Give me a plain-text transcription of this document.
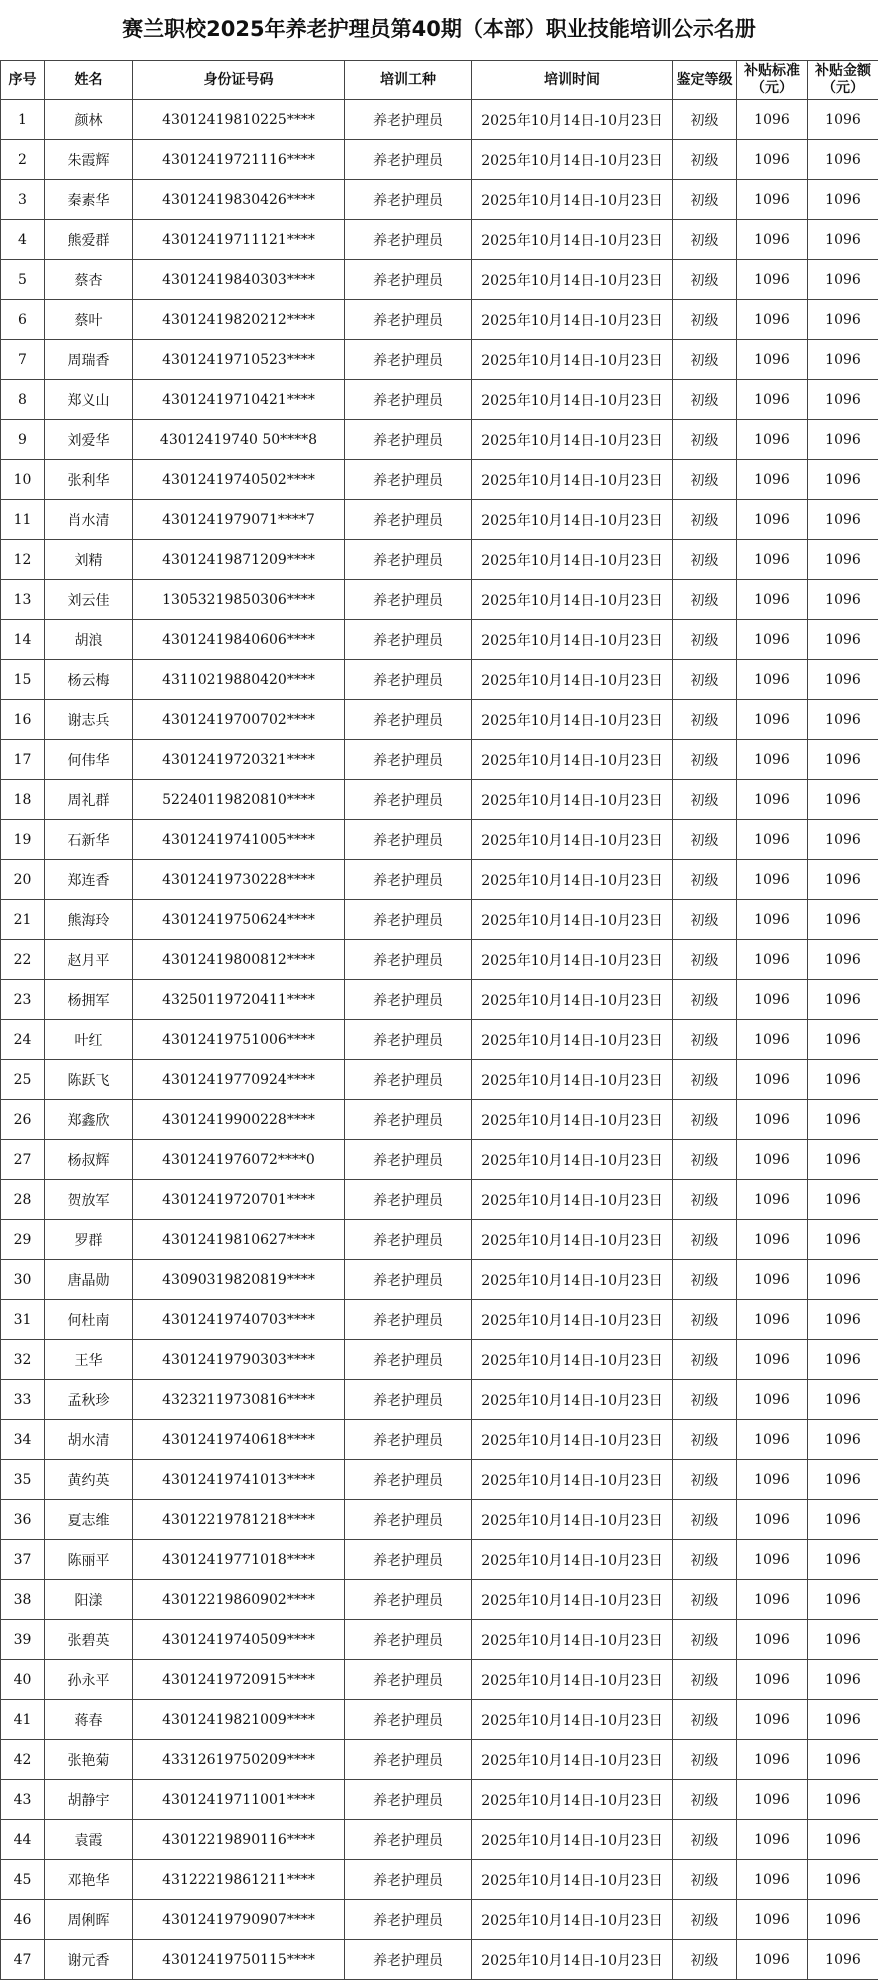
赛兰职校2025年养老护理员第40期（本部）职业技能培训公示名册
序号	姓名	身份证号码	培训工种	培训时间	鉴定等级	补贴标准（元）	补贴金额（元）
1	颜林	43012419810225****	养老护理员	2025年10月14日-10月23日	初级	1096	1096
2	朱霞辉	43012419721116****	养老护理员	2025年10月14日-10月23日	初级	1096	1096
3	秦素华	43012419830426****	养老护理员	2025年10月14日-10月23日	初级	1096	1096
4	熊爱群	43012419711121****	养老护理员	2025年10月14日-10月23日	初级	1096	1096
5	蔡杏	43012419840303****	养老护理员	2025年10月14日-10月23日	初级	1096	1096
6	蔡叶	43012419820212****	养老护理员	2025年10月14日-10月23日	初级	1096	1096
7	周瑞香	43012419710523****	养老护理员	2025年10月14日-10月23日	初级	1096	1096
8	郑义山	43012419710421****	养老护理员	2025年10月14日-10月23日	初级	1096	1096
9	刘爱华	43012419740 50****8	养老护理员	2025年10月14日-10月23日	初级	1096	1096
10	张利华	43012419740502****	养老护理员	2025年10月14日-10月23日	初级	1096	1096
11	肖水清	4301241979071****7	养老护理员	2025年10月14日-10月23日	初级	1096	1096
12	刘精	43012419871209****	养老护理员	2025年10月14日-10月23日	初级	1096	1096
13	刘云佳	13053219850306****	养老护理员	2025年10月14日-10月23日	初级	1096	1096
14	胡浪	43012419840606****	养老护理员	2025年10月14日-10月23日	初级	1096	1096
15	杨云梅	43110219880420****	养老护理员	2025年10月14日-10月23日	初级	1096	1096
16	谢志兵	43012419700702****	养老护理员	2025年10月14日-10月23日	初级	1096	1096
17	何伟华	43012419720321****	养老护理员	2025年10月14日-10月23日	初级	1096	1096
18	周礼群	52240119820810****	养老护理员	2025年10月14日-10月23日	初级	1096	1096
19	石新华	43012419741005****	养老护理员	2025年10月14日-10月23日	初级	1096	1096
20	郑连香	43012419730228****	养老护理员	2025年10月14日-10月23日	初级	1096	1096
21	熊海玲	43012419750624****	养老护理员	2025年10月14日-10月23日	初级	1096	1096
22	赵月平	43012419800812****	养老护理员	2025年10月14日-10月23日	初级	1096	1096
23	杨拥军	43250119720411****	养老护理员	2025年10月14日-10月23日	初级	1096	1096
24	叶红	43012419751006****	养老护理员	2025年10月14日-10月23日	初级	1096	1096
25	陈跃飞	43012419770924****	养老护理员	2025年10月14日-10月23日	初级	1096	1096
26	郑鑫欣	43012419900228****	养老护理员	2025年10月14日-10月23日	初级	1096	1096
27	杨叔辉	4301241976072****0	养老护理员	2025年10月14日-10月23日	初级	1096	1096
28	贺放军	43012419720701****	养老护理员	2025年10月14日-10月23日	初级	1096	1096
29	罗群	43012419810627****	养老护理员	2025年10月14日-10月23日	初级	1096	1096
30	唐晶勋	43090319820819****	养老护理员	2025年10月14日-10月23日	初级	1096	1096
31	何杜南	43012419740703****	养老护理员	2025年10月14日-10月23日	初级	1096	1096
32	王华	43012419790303****	养老护理员	2025年10月14日-10月23日	初级	1096	1096
33	孟秋珍	43232119730816****	养老护理员	2025年10月14日-10月23日	初级	1096	1096
34	胡水清	43012419740618****	养老护理员	2025年10月14日-10月23日	初级	1096	1096
35	黄约英	43012419741013****	养老护理员	2025年10月14日-10月23日	初级	1096	1096
36	夏志维	43012219781218****	养老护理员	2025年10月14日-10月23日	初级	1096	1096
37	陈丽平	43012419771018****	养老护理员	2025年10月14日-10月23日	初级	1096	1096
38	阳漾	43012219860902****	养老护理员	2025年10月14日-10月23日	初级	1096	1096
39	张碧英	43012419740509****	养老护理员	2025年10月14日-10月23日	初级	1096	1096
40	孙永平	43012419720915****	养老护理员	2025年10月14日-10月23日	初级	1096	1096
41	蒋春	43012419821009****	养老护理员	2025年10月14日-10月23日	初级	1096	1096
42	张艳菊	43312619750209****	养老护理员	2025年10月14日-10月23日	初级	1096	1096
43	胡静宇	43012419711001****	养老护理员	2025年10月14日-10月23日	初级	1096	1096
44	袁霞	43012219890116****	养老护理员	2025年10月14日-10月23日	初级	1096	1096
45	邓艳华	43122219861211****	养老护理员	2025年10月14日-10月23日	初级	1096	1096
46	周俐晖	43012419790907****	养老护理员	2025年10月14日-10月23日	初级	1096	1096
47	谢元香	43012419750115****	养老护理员	2025年10月14日-10月23日	初级	1096	1096
